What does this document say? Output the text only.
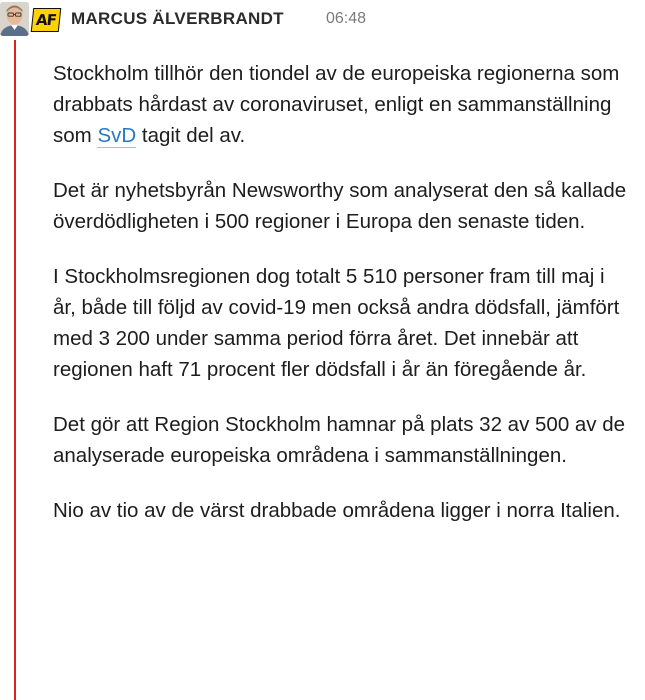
AF MARCUS ÄLVERBRANDT	06:48

Stockholm tillhör den tiondel av de europeiska regionerna som drabbats hårdast av coronaviruset, enligt en sammanställning som SvD tagit del av.

Det är nyhetsbyrån Newsworthy som analyserat den så kallade överdödligheten i 500 regioner i Europa den senaste tiden.

I Stockholmsregionen dog totalt 5 510 personer fram till maj i år, både till följd av covid-19 men också andra dödsfall, jämfört med 3 200 under samma period förra året. Det innebär att regionen haft 71 procent fler dödsfall i år än föregående år.

Det gör att Region Stockholm hamnar på plats 32 av 500 av de analyserade europeiska områdena i sammanställningen.

Nio av tio av de värst drabbade områdena ligger i norra Italien.
